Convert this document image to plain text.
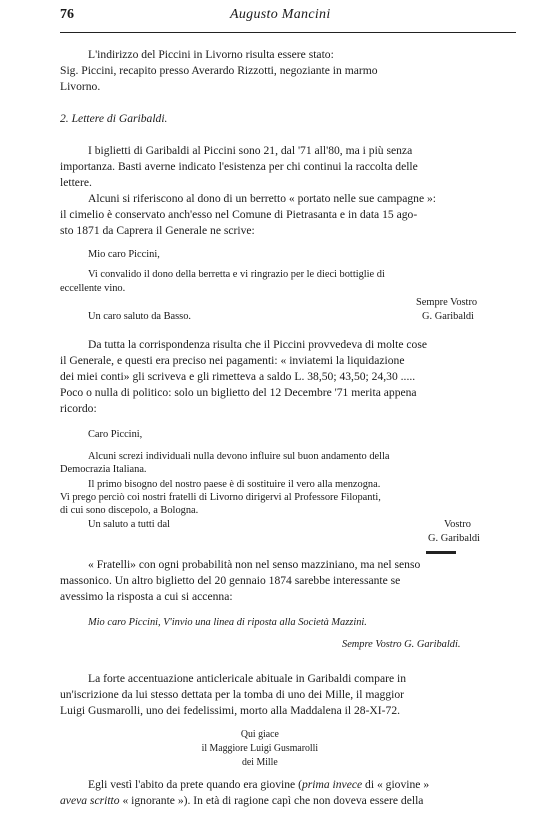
76	Augusto Mancini

L'indirizzo del Piccini in Livorno risulta essere stato:

Sig. Piccini, recapito presso Averardo Rizzotti, negoziante in marmo

Livorno.

2. Lettere di Garibaldi.

I biglietti di Garibaldi al Piccini sono 21, dal '71 all'80, ma i più senza

importanza. Basti averne indicato l'esistenza per chi continui la raccolta delle

lettere.

Alcuni si riferiscono al dono di un berretto « portato nelle sue campagne »:

il cimelio è conservato anch'esso nel Comune di Pietrasanta e in data 15 ago-

sto 1871 da Caprera il Generale ne scrive:

Mio caro Piccini,

Vi convalido il dono della berretta e vi ringrazio per le dieci bottiglie di

eccellente vino.

Sempre Vostro

Un caro saluto da Basso.	G. Garibaldi

Da tutta la corrispondenza risulta che il Piccini provvedeva di molte cose

il Generale, e questi era preciso nei pagamenti: « inviatemi la liquidazione

dei miei conti» gli scriveva e gli rimetteva a saldo L. 38,50; 43,50; 24,30 .....

Poco o nulla di politico: solo un biglietto del 12 Decembre '71 merita appena

ricordo:

Caro Piccini,

Alcuni screzi individuali nulla devono influire sul buon andamento della

Democrazia Italiana.

Il primo bisogno del nostro paese è di sostituire il vero alla menzogna.

Vi prego perciò coi nostri fratelli di Livorno dirigervi al Professore Filopanti,

di cui sono discepolo, a Bologna.

Un saluto a tutti dal	Vostro

G. Garibaldi

« Fratelli» con ogni probabilità non nel senso mazziniano, ma nel senso

massonico. Un altro biglietto del 20 gennaio 1874 sarebbe interessante se

avessimo la risposta a cui si accenna:

Mio caro Piccini, V'invio una linea di riposta alla Società Mazzini.

Sempre Vostro G. Garibaldi.

La forte accentuazione anticlericale abituale in Garibaldi compare in

un'iscrizione da lui stesso dettata per la tomba di uno dei Mille, il maggior

Luigi Gusmarolli, uno dei fedelissimi, morto alla Maddalena il 28-XI-72.

Qui giace

il Maggiore Luigi Gusmarolli

dei Mille

Egli vestì l'abito da prete quando era giovine (prima invece di « giovine »

aveva scritto « ignorante »). In età di ragione capì che non doveva essere della
